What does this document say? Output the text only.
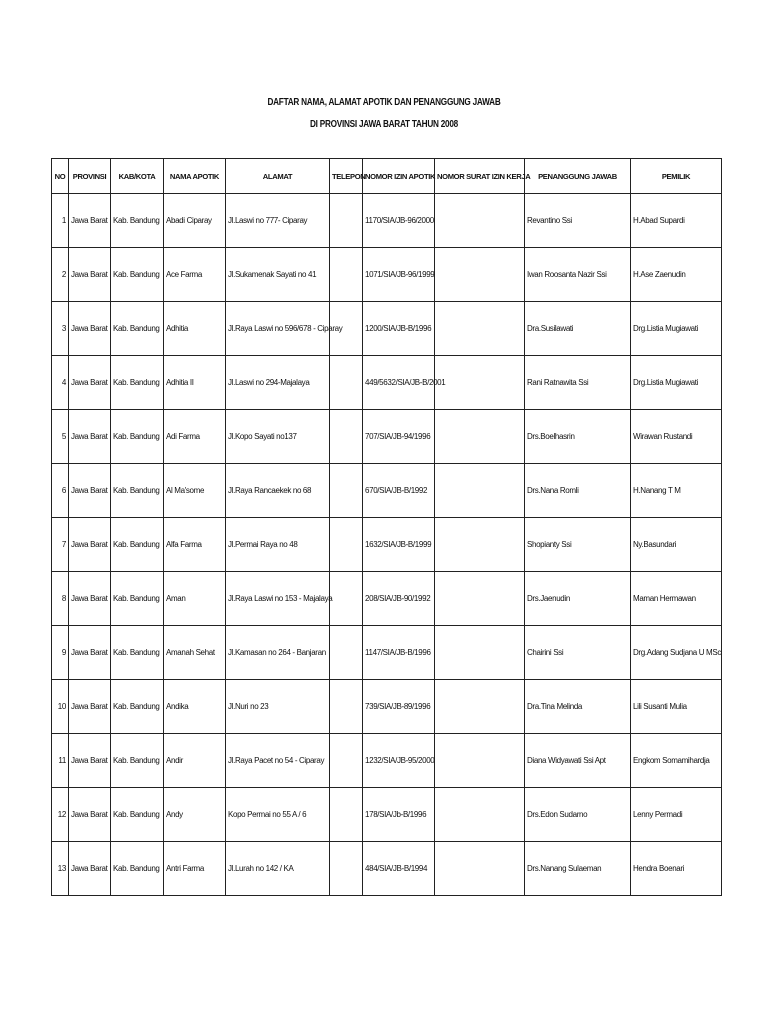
DAFTAR NAMA, ALAMAT APOTIK DAN PENANGGUNG JAWAB
DI PROVINSI JAWA BARAT TAHUN 2008
NO	PROVINSI	KAB/KOTA	NAMA APOTIK	ALAMAT	TELEPON	NOMOR IZIN APOTIK	NOMOR SURAT IZIN KERJA	PENANGGUNG JAWAB	PEMILIK
1	Jawa Barat	Kab. Bandung	Abadi Ciparay	Jl.Laswi no 777- Ciparay		1170/SIA/JB-96/2000		Revantino Ssi	H.Abad Supardi
2	Jawa Barat	Kab. Bandung	Ace Farma	Jl.Sukamenak Sayati no 41		1071/SIA/JB-96/1999		Iwan Roosanta Nazir Ssi	H.Ase Zaenudin
3	Jawa Barat	Kab. Bandung	Adhitia	Jl.Raya Laswi no 596/678 - Ciparay		1200/SIA/JB-B/1996		Dra.Susilawati	Drg.Listia Mugiawati
4	Jawa Barat	Kab. Bandung	Adhitia II	Jl.Laswi no 294-Majalaya		449/5632/SIA/JB-B/2001		Rani Ratnawita Ssi	Drg.Listia Mugiawati
5	Jawa Barat	Kab. Bandung	Adi Farma	Jl.Kopo Sayati no137		707/SIA/JB-94/1996		Drs.Boelhasrin	Wirawan Rustandi
6	Jawa Barat	Kab. Bandung	Al Ma'some	Jl.Raya Rancaekek no 68		670/SIA/JB-B/1992		Drs.Nana Romli	H.Nanang T M
7	Jawa Barat	Kab. Bandung	Alfa Farma	Jl.Permai Raya no 48		1632/SIA/JB-B/1999		Shopianty Ssi	Ny.Basundari
8	Jawa Barat	Kab. Bandung	Aman	Jl.Raya Laswi no 153 - Majalaya		208/SIA/JB-90/1992		Drs.Jaenudin	Maman Hermawan
9	Jawa Barat	Kab. Bandung	Amanah Sehat	Jl.Kamasan no 264 - Banjaran		1147/SIA/JB-B/1996		Chairini Ssi	Drg.Adang Sudjana U MSc
10	Jawa Barat	Kab. Bandung	Andika	Jl.Nuri no 23		739/SIA/JB-89/1996		Dra.Tina Melinda	Lili Susanti Mulia
11	Jawa Barat	Kab. Bandung	Andir	Jl.Raya Pacet no 54 - Ciparay		1232/SIA/JB-95/2000		Diana Widyawati Ssi Apt	Engkom Somamihardja
12	Jawa Barat	Kab. Bandung	Andy	Kopo Permai no 55 A / 6		178/SIA/Jb-B/1996		Drs.Edon Sudarno	Lenny Permadi
13	Jawa Barat	Kab. Bandung	Antri Farma	Jl.Lurah no 142 / KA		484/SIA/JB-B/1994		Drs.Nanang Sulaeman	Hendra Boenari
